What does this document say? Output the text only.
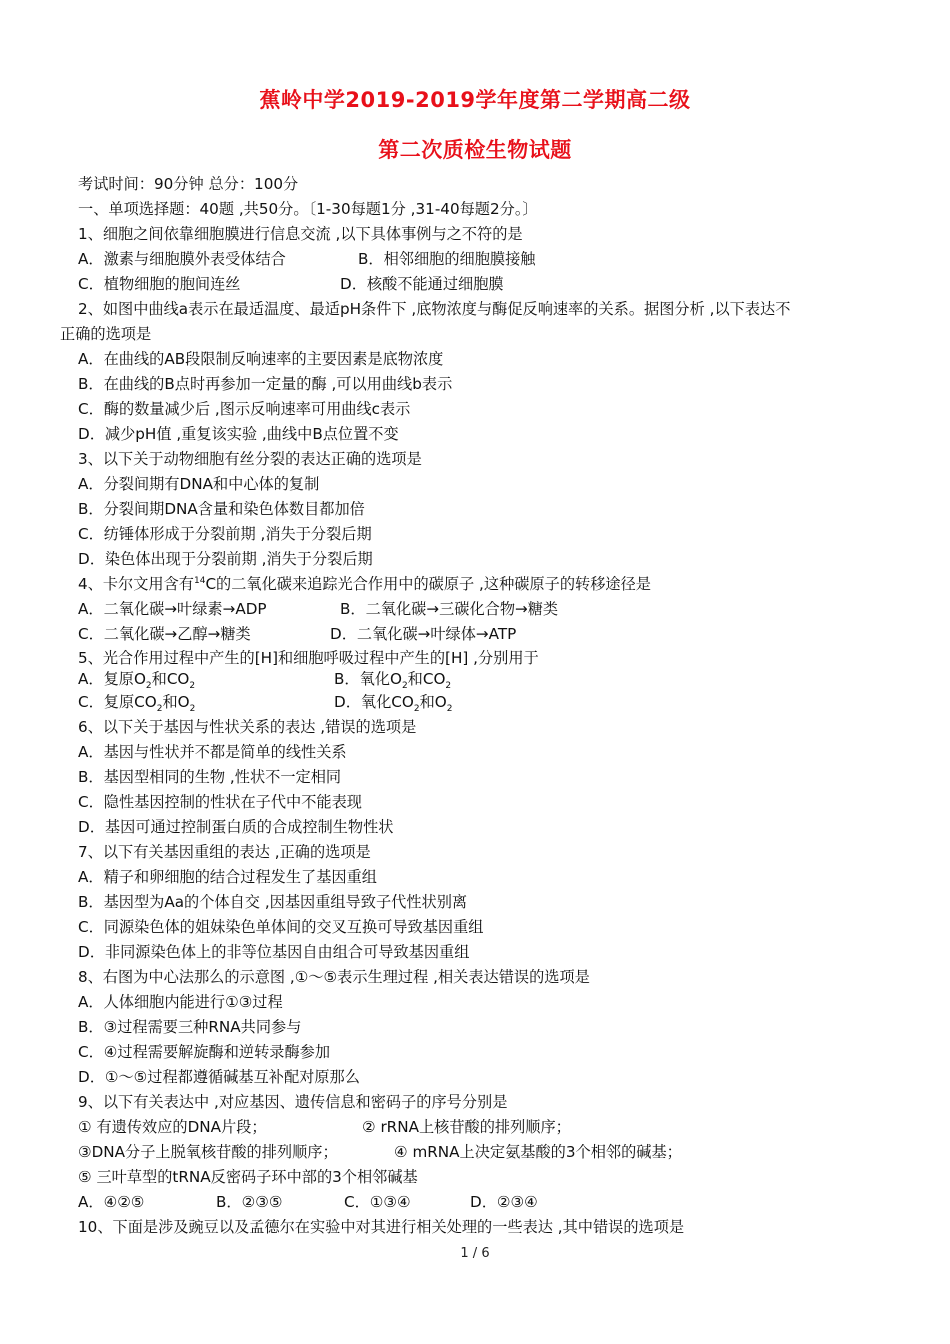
蕉岭中学2019-2019学年度第二学期高二级
第二次质检生物试题
考试时间：90分钟 总分：100分
一、单项选择题：40题 ,共50分。〔1-30每题1分 ,31-40每题2分。〕
1、细胞之间依靠细胞膜进行信息交流 ,以下具体事例与之不符的是
A．激素与细胞膜外表受体结合	B．相邻细胞的细胞膜接触
C．植物细胞的胞间连丝	D．核酸不能通过细胞膜
2、如图中曲线a表示在最适温度、最适pH条件下 ,底物浓度与酶促反响速率的关系。据图分析 ,以下表达不
正确的选项是
A．在曲线的AB段限制反响速率的主要因素是底物浓度
B．在曲线的B点时再参加一定量的酶 ,可以用曲线b表示
C．酶的数量减少后 ,图示反响速率可用曲线c表示
D．减少pH值 ,重复该实验 ,曲线中B点位置不变
3、以下关于动物细胞有丝分裂的表达正确的选项是
A．分裂间期有DNA和中心体的复制
B．分裂间期DNA含量和染色体数目都加倍
C．纺锤体形成于分裂前期 ,消失于分裂后期
D．染色体出现于分裂前期 ,消失于分裂后期
4、卡尔文用含有$^{14}$C的二氧化碳来追踪光合作用中的碳原子 ,这种碳原子的转移途径是
A．二氧化碳→叶绿素→ADP	B．二氧化碳→三碳化合物→糖类
C．二氧化碳→乙醇→糖类	D．二氧化碳→叶绿体→ATP
5、光合作用过程中产生的[H]和细胞呼吸过程中产生的[H] ,分别用于
A．复原$O_2$和$CO_2$	B．氧化$O_2$和$CO_2$
C．复原$CO_2$和$O_2$	D．氧化$CO_2$和$O_2$
6、以下关于基因与性状关系的表达 ,错误的选项是
A．基因与性状并不都是简单的线性关系
B．基因型相同的生物 ,性状不一定相同
C．隐性基因控制的性状在子代中不能表现
D．基因可通过控制蛋白质的合成控制生物性状
7、以下有关基因重组的表达 ,正确的选项是
A．精子和卵细胞的结合过程发生了基因重组
B．基因型为Aa的个体自交 ,因基因重组导致子代性状别离
C．同源染色体的姐妹染色单体间的交叉互换可导致基因重组
D．非同源染色体上的非等位基因自由组合可导致基因重组
8、右图为中心法那么的示意图 ,①～⑤表示生理过程 ,相关表达错误的选项是
A．人体细胞内能进行①③过程
B．③过程需要三种RNA共同参与
C．④过程需要解旋酶和逆转录酶参加
D．①～⑤过程都遵循碱基互补配对原那么
9、以下有关表达中 ,对应基因、遗传信息和密码子的序号分别是
① 有遗传效应的DNA片段；	② rRNA上核苷酸的排列顺序；
③DNA分子上脱氧核苷酸的排列顺序；	④ mRNA上决定氨基酸的3个相邻的碱基；
⑤ 三叶草型的tRNA反密码子环中部的3个相邻碱基
A．④②⑤	B．②③⑤	C．①③④	D．②③④
10、下面是涉及豌豆以及孟德尔在实验中对其进行相关处理的一些表达 ,其中错误的选项是
1 / 6
